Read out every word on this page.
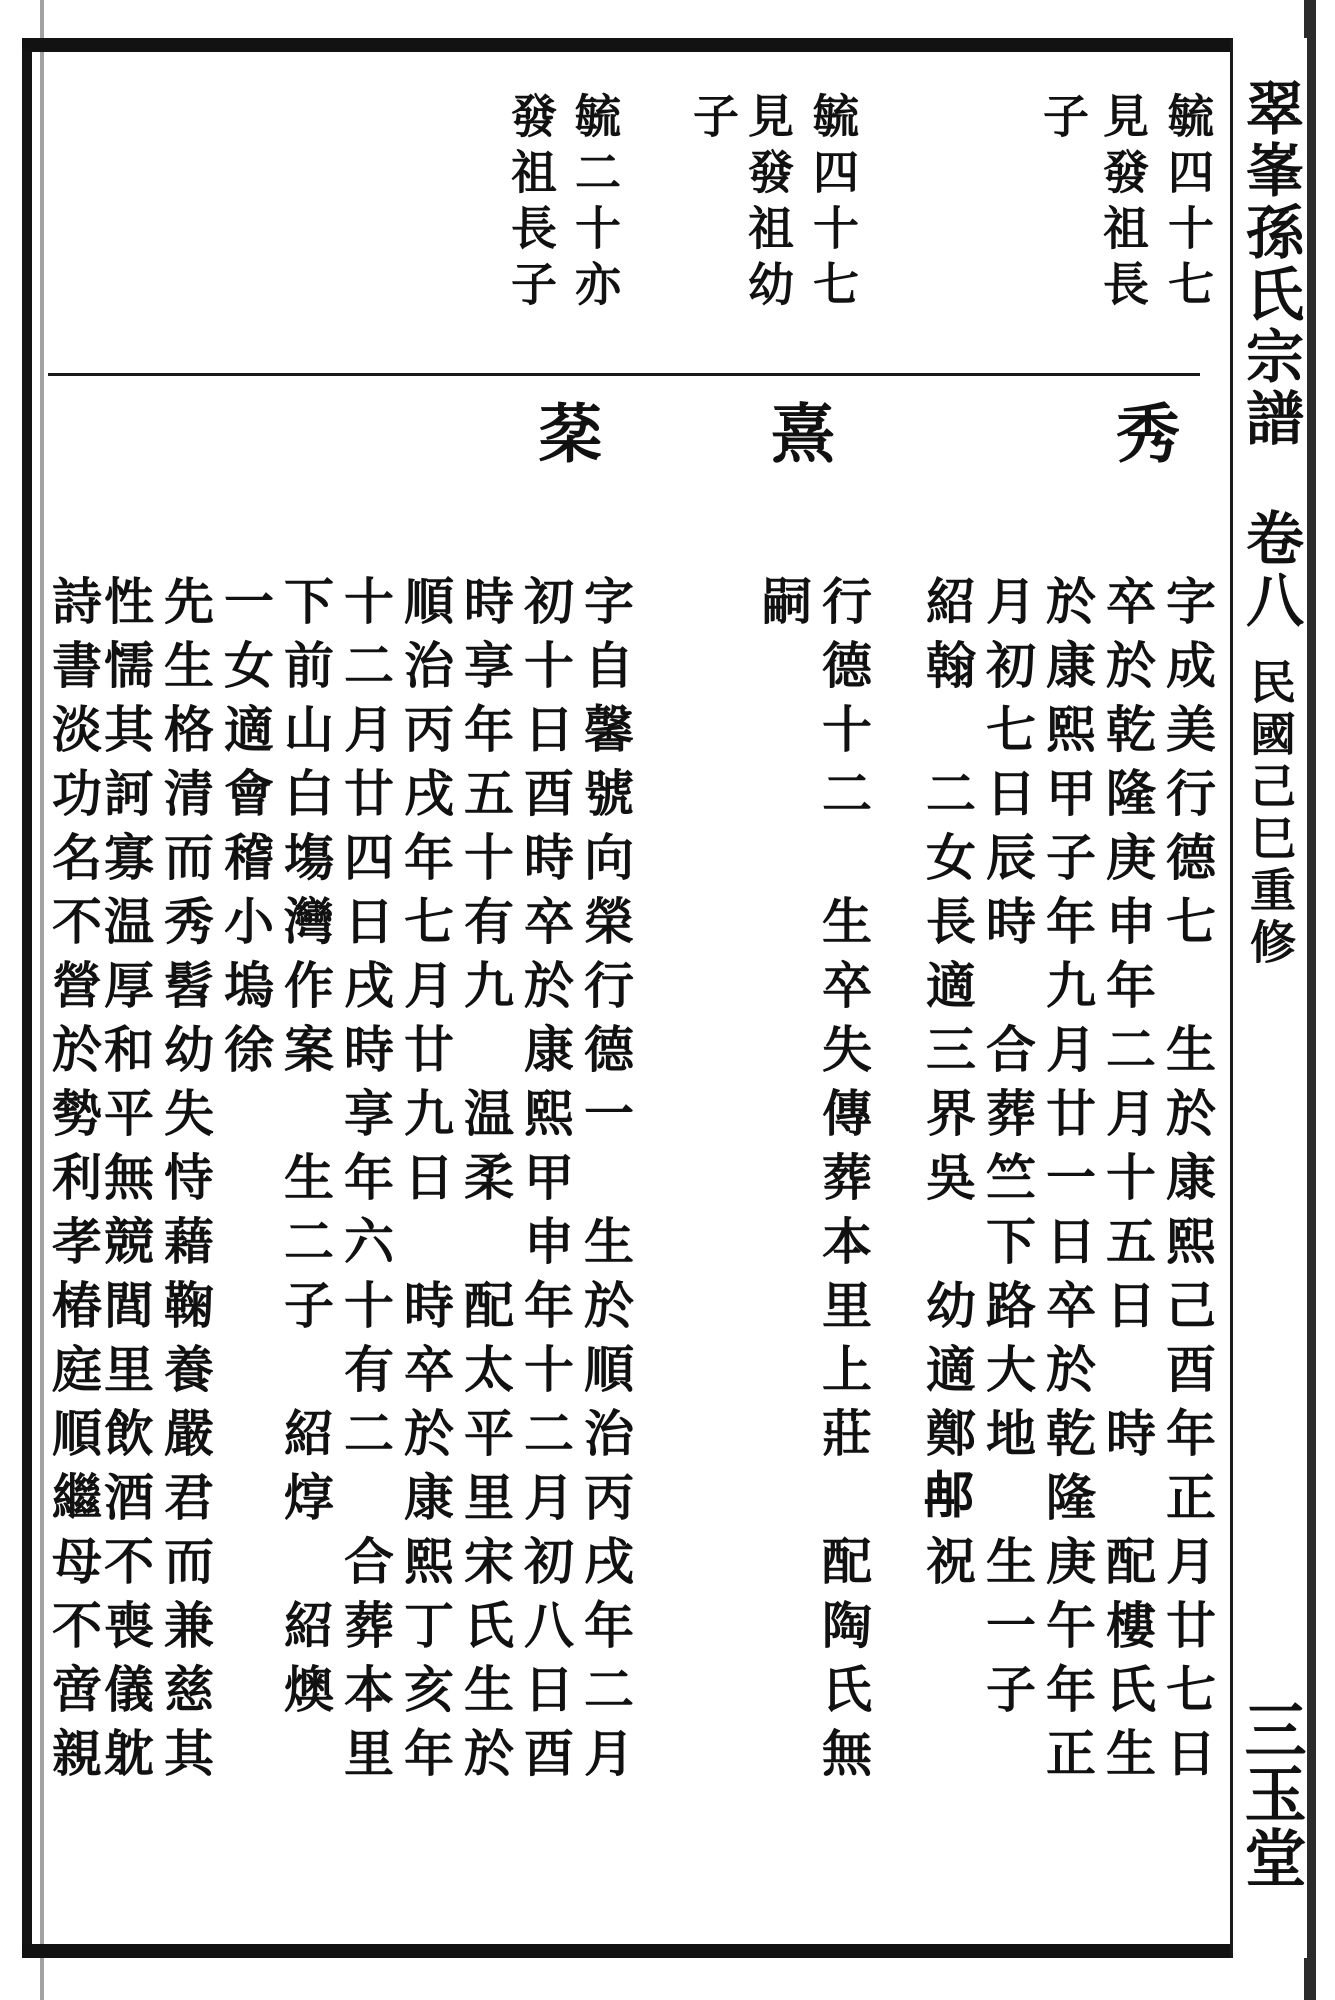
翠峯孫氏宗譜
卷八
民國己巳重修
三玉堂
毓四十七
見發祖長
子
毓四十七
見發祖幼
子
毓二十亦
發祖長子
秀
熹
棻
字成美行德七　生於康熙己酉年正月廿七日
卒於乾隆庚申年二月十五日　時　配樓氏生
於康熙甲子年九月廿一日卒於乾隆庚午年正
月初七日辰時　合葬竺下路大地　生一子
紹翰　二女長適三界吳　幼適鄭𨚗祝
行德十二　生卒失傳葬本里上莊　配陶氏無
嗣
字自馨號向榮行德一　生於順治丙戌年二月
初十日酉時卒於康熙甲申年十二月初八日酉
時享年五十有九　温柔　配太平里宋氏生於
順治丙戌年七月廿九日　時卒於康熙丁亥年
十二月廿四日戌時享年六十有二　合葬本里
下前山白塲灣作案　生二子　紹焞　紹燠
一女適會稽小塢徐
先生格清而秀髫幼失恃藉鞠養嚴君而兼慈其
性懦其訶寡温厚和平無競閭里飲酒不喪儀躭
詩書淡功名不營於勢利孝椿庭順繼母不啻親
